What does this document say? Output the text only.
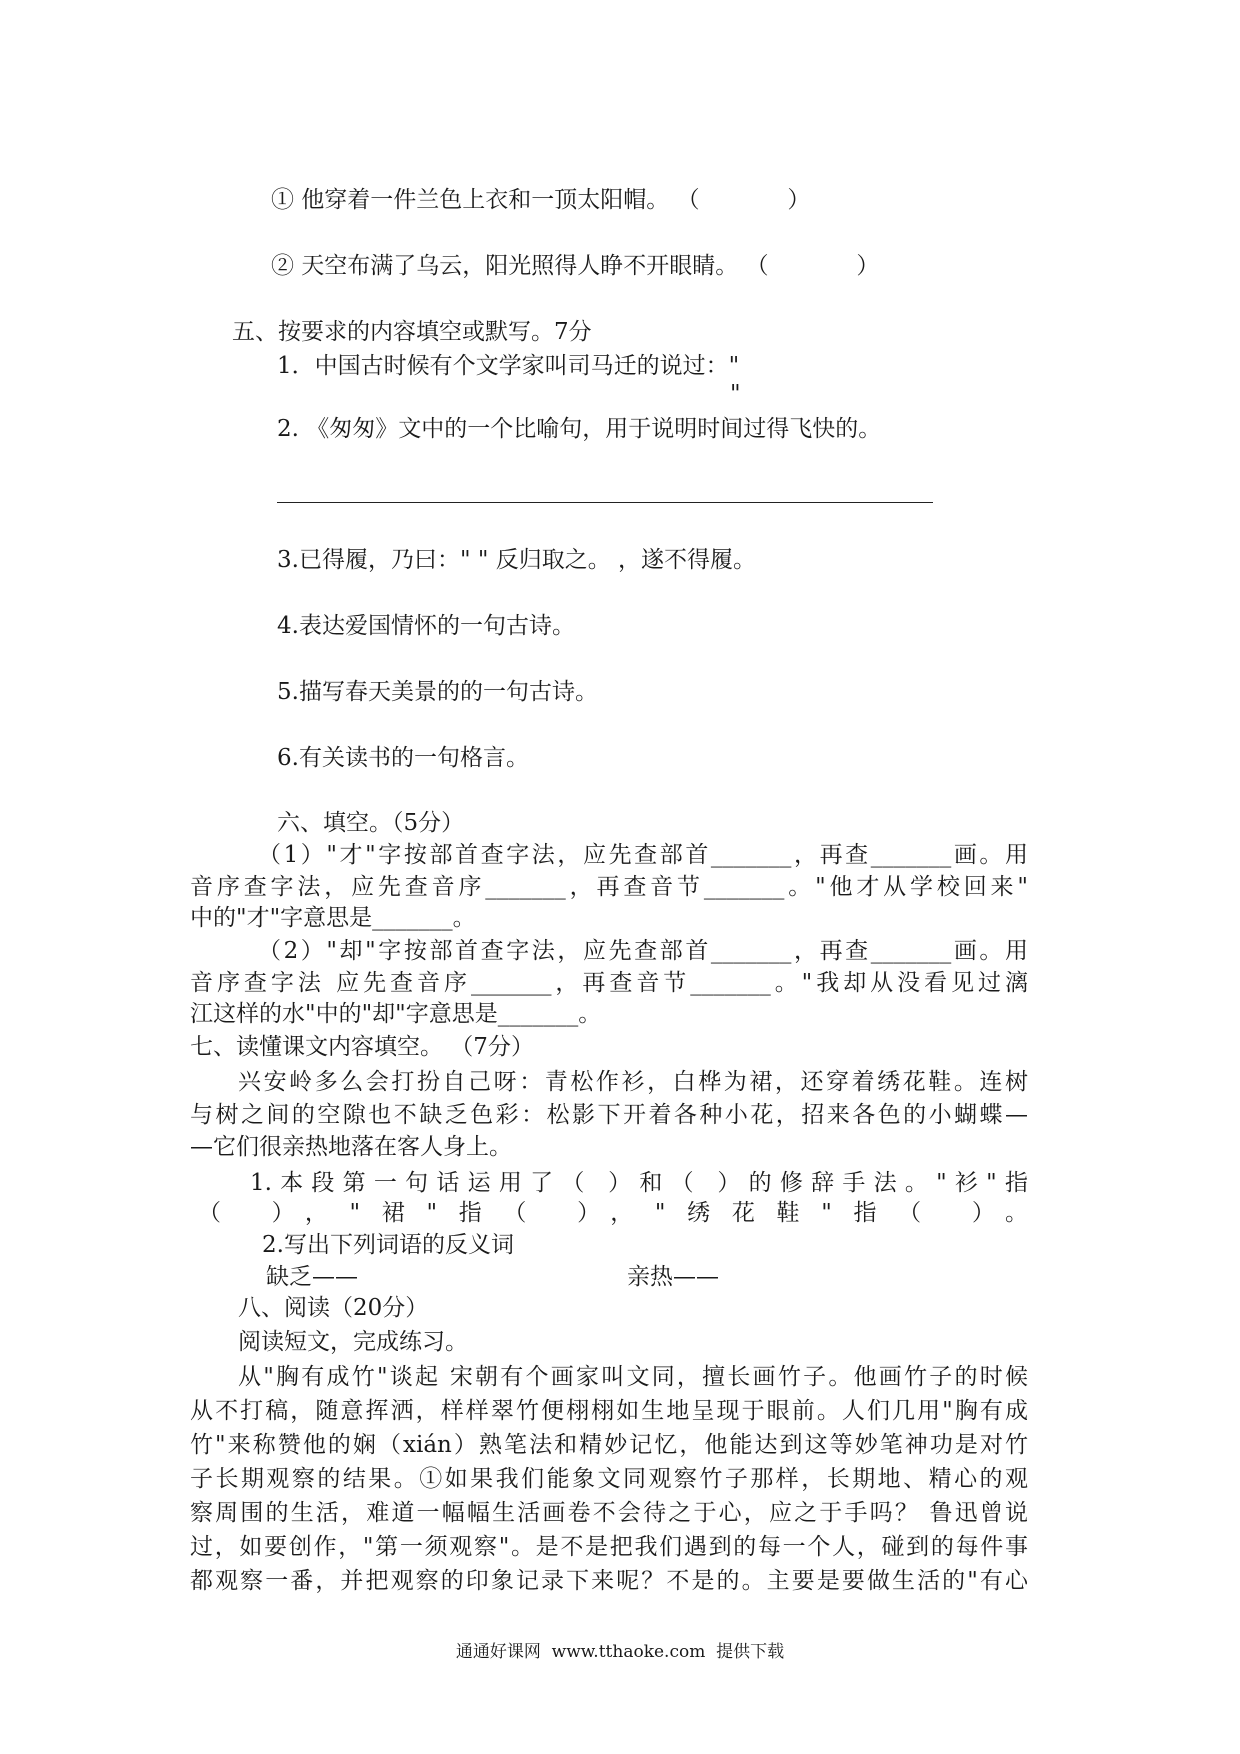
① 他穿着一件兰色上衣和一顶太阳帽。 （            ）
② 天空布满了乌云，阳光照得人睁不开眼睛。 （            ）
五、按要求的内容填空或默写。7分
1．中国古时候有个文学家叫司马迁的说过："
"
2. 《匆匆》文中的一个比喻句，用于说明时间过得飞快的。
3.已得履，乃曰：" " 反归取之。 ，遂不得履。
4.表达爱国情怀的一句古诗。
5.描写春天美景的的一句古诗。
6.有关读书的一句格言。
六、填空。（5分）
（1）"才"字按部首查字法，应先查部首_______，再查_______画。用
音序查字法，应先查音序_______，再查音节_______。"他才从学校回来"
中的"才"字意思是_______。
（2）"却"字按部首查字法，应先查部首_______，再查_______画。用
音序查字法 应先查音序_______，再查音节_______。"我却从没看见过漓
江这样的水"中的"却"字意思是_______。
七、读懂课文内容填空。 （7分）
兴安岭多么会打扮自己呀：青松作衫，白桦为裙，还穿着绣花鞋。连树
与树之间的空隙也不缺乏色彩：松影下开着各种小花，招来各色的小蝴蝶—
—它们很亲热地落在客人身上。
1.本段第一句话运用了（ ）和（ ）的修辞手法。"衫"指
（ ），"裙"指（ ），"绣花鞋"指（ ）。
2.写出下列词语的反义词
缺乏——	亲热——
八、阅读（20分）
阅读短文，完成练习。
从"胸有成竹"谈起 宋朝有个画家叫文同，擅长画竹子。他画竹子的时候
从不打稿，随意挥洒，样样翠竹便栩栩如生地呈现于眼前。人们几用"胸有成
竹"来称赞他的娴（xián）熟笔法和精妙记忆，他能达到这等妙笔神功是对竹
子长期观察的结果。①如果我们能象文同观察竹子那样，长期地、精心的观
察周围的生活，难道一幅幅生活画卷不会待之于心，应之于手吗？ 鲁迅曾说
过，如要创作，"第一须观察"。是不是把我们遇到的每一个人，碰到的每件事
都观察一番，并把观察的印象记录下来呢？不是的。主要是要做生活的"有心
通通好课网  www.tthaoke.com  提供下载
